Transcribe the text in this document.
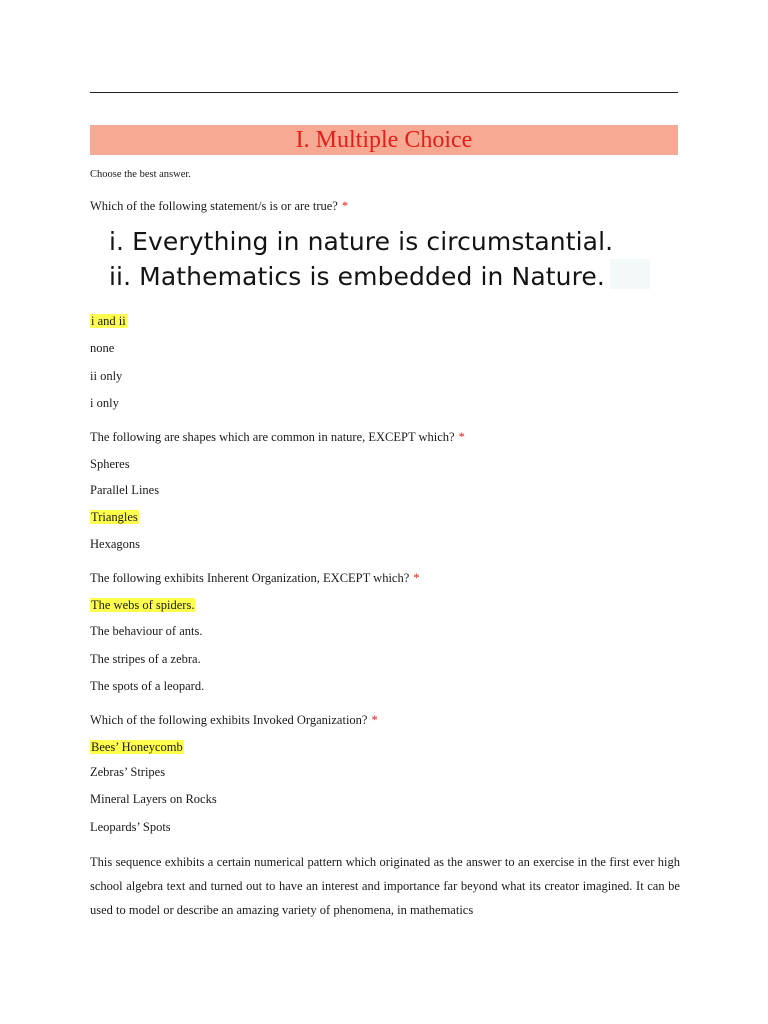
I. Multiple Choice
Choose the best answer.
Which of the following statement/s is or are true? *
i. Everything in nature is circumstantial.
ii. Mathematics is embedded in Nature.
i and ii
none
ii only
i only
The following are shapes which are common in nature, EXCEPT which? *
Spheres
Parallel Lines
Triangles
Hexagons
The following exhibits Inherent Organization, EXCEPT which? *
The webs of spiders.
The behaviour of ants.
The stripes of a zebra.
The spots of a leopard.
Which of the following exhibits Invoked Organization? *
Bees’ Honeycomb
Zebras’ Stripes
Mineral Layers on Rocks
Leopards’ Spots
This sequence exhibits a certain numerical pattern which originated as the answer to an exercise in the first ever high school algebra text and turned out to have an interest and importance far beyond what its creator imagined. It can be used to model or describe an amazing variety of phenomena, in mathematics
